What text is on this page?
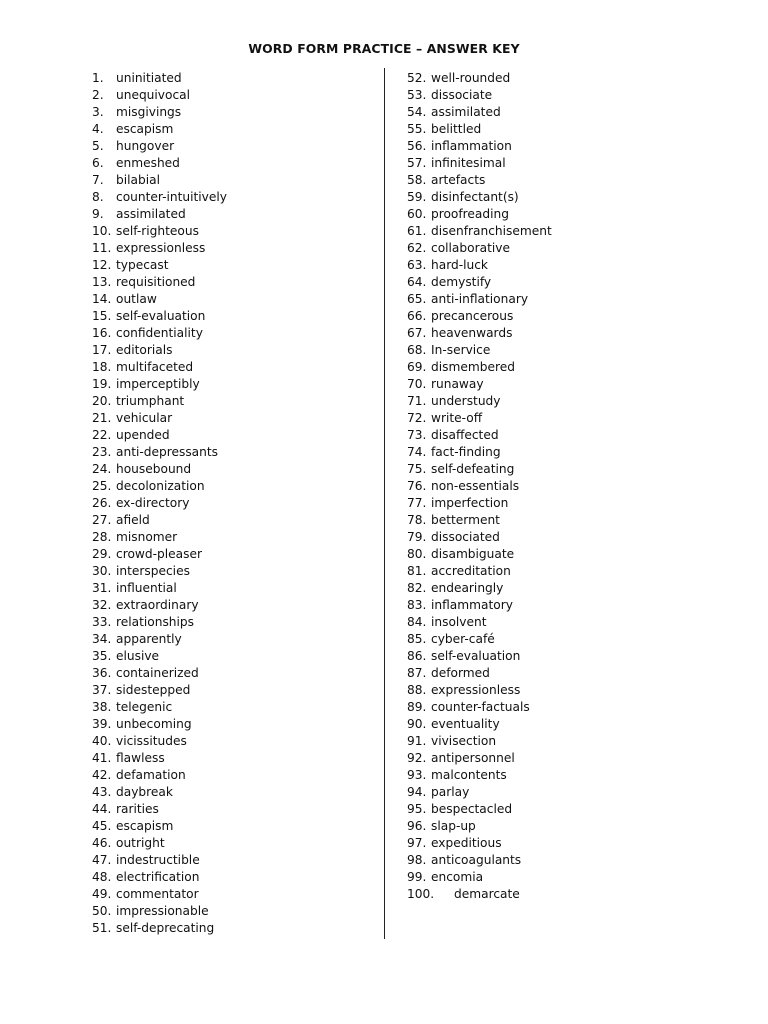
WORD FORM PRACTICE – ANSWER KEY
1.	uninitiated
2.	unequivocal
3.	misgivings
4.	escapism
5.	hungover
6.	enmeshed
7.	bilabial
8.	counter-intuitively
9.	assimilated
10. self-righteous
11. expressionless
12. typecast
13. requisitioned
14. outlaw
15. self-evaluation
16. confidentiality
17. editorials
18. multifaceted
19. imperceptibly
20. triumphant
21. vehicular
22. upended
23. anti-depressants
24. housebound
25. decolonization
26. ex-directory
27. afield
28. misnomer
29. crowd-pleaser
30. interspecies
31. influential
32. extraordinary
33. relationships
34. apparently
35. elusive
36. containerized
37. sidestepped
38. telegenic
39. unbecoming
40. vicissitudes
41. flawless
42. defamation
43. daybreak
44. rarities
45. escapism
46. outright
47. indestructible
48. electrification
49. commentator
50. impressionable
51. self-deprecating
52. well-rounded
53. dissociate
54. assimilated
55. belittled
56. inflammation
57. infinitesimal
58. artefacts
59. disinfectant(s)
60. proofreading
61. disenfranchisement
62. collaborative
63. hard-luck
64. demystify
65. anti-inflationary
66. precancerous
67. heavenwards
68. In-service
69. dismembered
70. runaway
71. understudy
72. write-off
73. disaffected
74. fact-finding
75. self-defeating
76. non-essentials
77. imperfection
78. betterment
79. dissociated
80. disambiguate
81. accreditation
82. endearingly
83. inflammatory
84. insolvent
85. cyber-café
86. self-evaluation
87. deformed
88. expressionless
89. counter-factuals
90. eventuality
91. vivisection
92. antipersonnel
93. malcontents
94. parlay
95. bespectacled
96. slap-up
97. expeditious
98. anticoagulants
99. encomia
100.	demarcate
